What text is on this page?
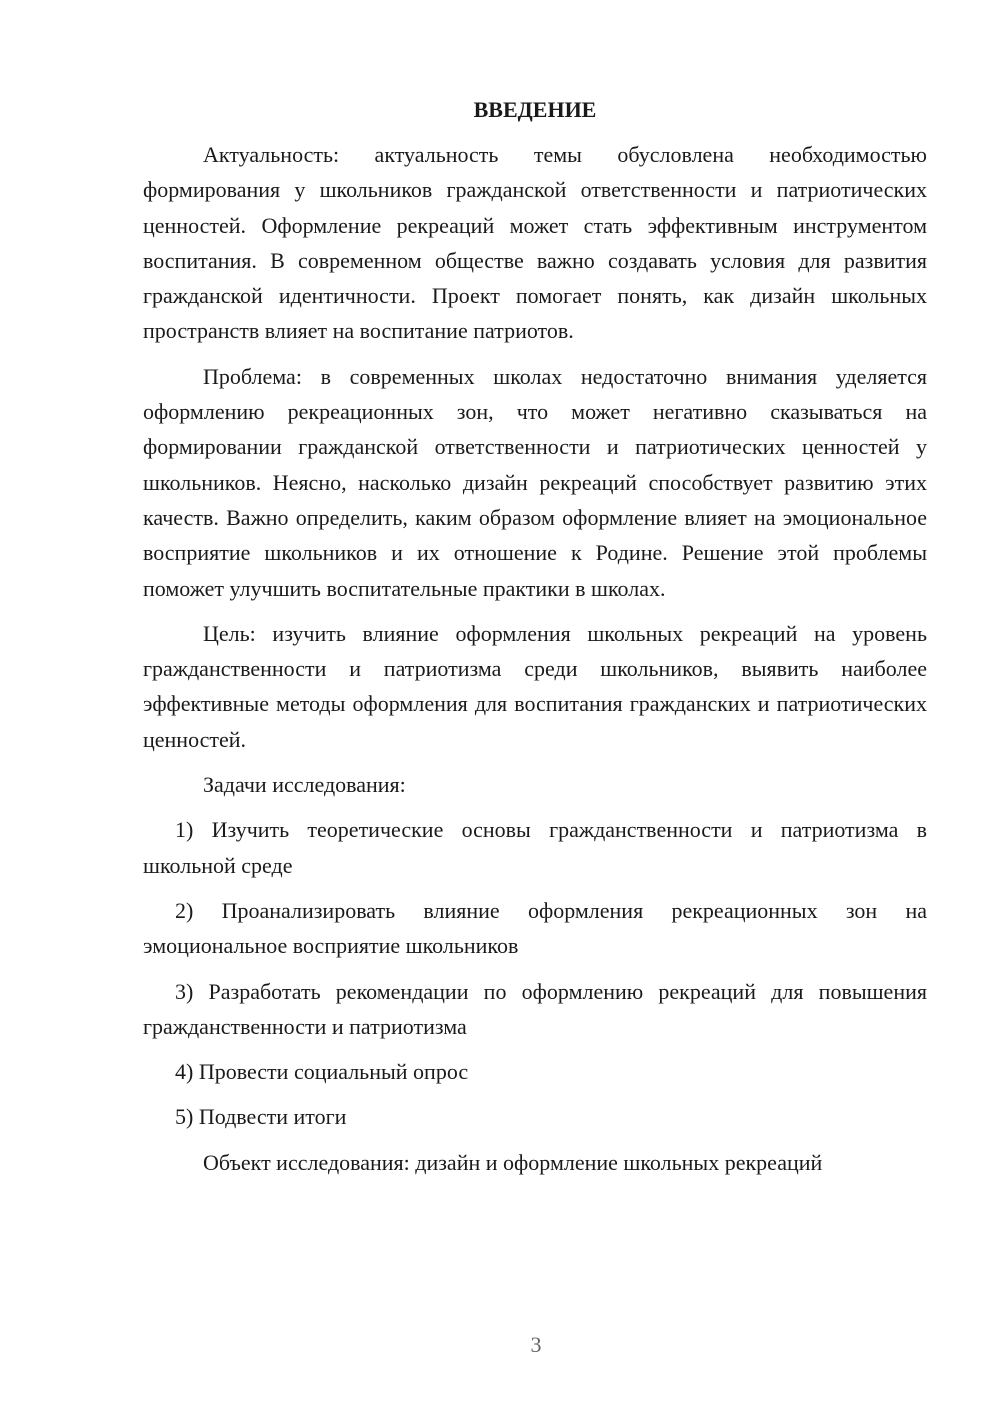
ВВЕДЕНИЕ

Актуальность: актуальность темы обусловлена необходимостью формирования у школьников гражданской ответственности и патриотических ценностей. Оформление рекреаций может стать эффективным инструментом воспитания. В современном обществе важно создавать условия для развития гражданской идентичности. Проект помогает понять, как дизайн школьных пространств влияет на воспитание патриотов.

Проблема: в современных школах недостаточно внимания уделяется оформлению рекреационных зон, что может негативно сказываться на формировании гражданской ответственности и патриотических ценностей у школьников. Неясно, насколько дизайн рекреаций способствует развитию этих качеств. Важно определить, каким образом оформление влияет на эмоциональное восприятие школьников и их отношение к Родине. Решение этой проблемы поможет улучшить воспитательные практики в школах.

Цель: изучить влияние оформления школьных рекреаций на уровень гражданственности и патриотизма среди школьников, выявить наиболее эффективные методы оформления для воспитания гражданских и патриотических ценностей.

Задачи исследования:

1) Изучить теоретические основы гражданственности и патриотизма в школьной среде

2) Проанализировать влияние оформления рекреационных зон на эмоциональное восприятие школьников

3) Разработать рекомендации по оформлению рекреаций для повышения гражданственности и патриотизма

4) Провести социальный опрос

5) Подвести итоги

Объект исследования: дизайн и оформление школьных рекреаций

3
